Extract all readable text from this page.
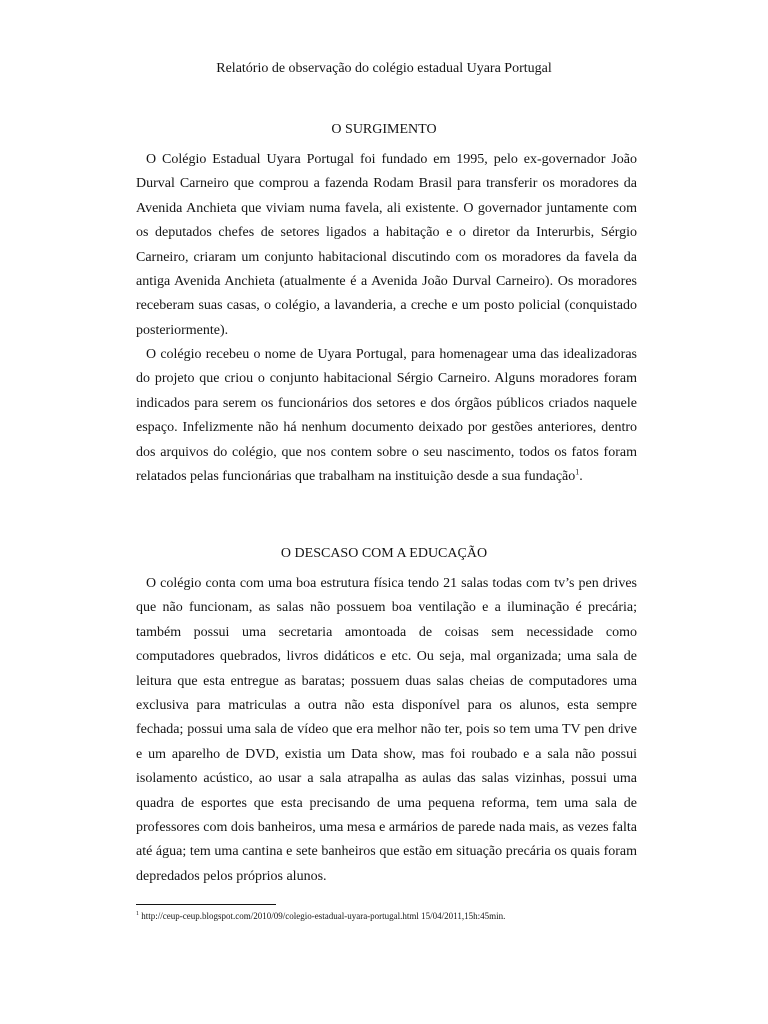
Relatório de observação do colégio estadual Uyara Portugal
O SURGIMENTO

O Colégio Estadual Uyara Portugal foi fundado em 1995, pelo ex-governador João Durval Carneiro que comprou a fazenda Rodam Brasil para transferir os moradores da Avenida Anchieta que viviam numa favela, ali existente. O governador juntamente com os deputados chefes de setores ligados a habitação e o diretor da Interurbis, Sérgio Carneiro, criaram um conjunto habitacional discutindo com os moradores da favela da antiga Avenida Anchieta (atualmente é a Avenida João Durval Carneiro). Os moradores receberam suas casas, o colégio, a lavanderia, a creche e um posto policial (conquistado posteriormente).

O colégio recebeu o nome de Uyara Portugal, para homenagear uma das idealizadoras do projeto que criou o conjunto habitacional Sérgio Carneiro. Alguns moradores foram indicados para serem os funcionários dos setores e dos órgãos públicos criados naquele espaço. Infelizmente não há nenhum documento deixado por gestões anteriores, dentro dos arquivos do colégio, que nos contem sobre o seu nascimento, todos os fatos foram relatados pelas funcionárias que trabalham na instituição desde a sua fundação$^1$.

O DESCASO COM A EDUCAÇÃO

O colégio conta com uma boa estrutura física tendo 21 salas todas com tv’s pen drives que não funcionam, as salas não possuem boa ventilação e a iluminação é precária; também possui uma secretaria amontoada de coisas sem necessidade como computadores quebrados, livros didáticos e etc. Ou seja, mal organizada; uma sala de leitura que esta entregue as baratas; possuem duas salas cheias de computadores uma exclusiva para matriculas a outra não esta disponível para os alunos, esta sempre fechada; possui uma sala de vídeo que era melhor não ter, pois so tem uma TV pen drive e um aparelho de DVD, existia um Data show, mas foi roubado e a sala não possui isolamento acústico, ao usar a sala atrapalha as aulas das salas vizinhas, possui uma quadra de esportes que esta precisando de uma pequena reforma, tem uma sala de professores com dois banheiros, uma mesa e armários de parede nada mais, as vezes falta até água; tem uma cantina e sete banheiros que estão em situação precária os quais foram depredados pelos próprios alunos.

$^1$ http://ceup-ceup.blogspot.com/2010/09/colegio-estadual-uyara-portugal.html 15/04/2011,15h:45min.
